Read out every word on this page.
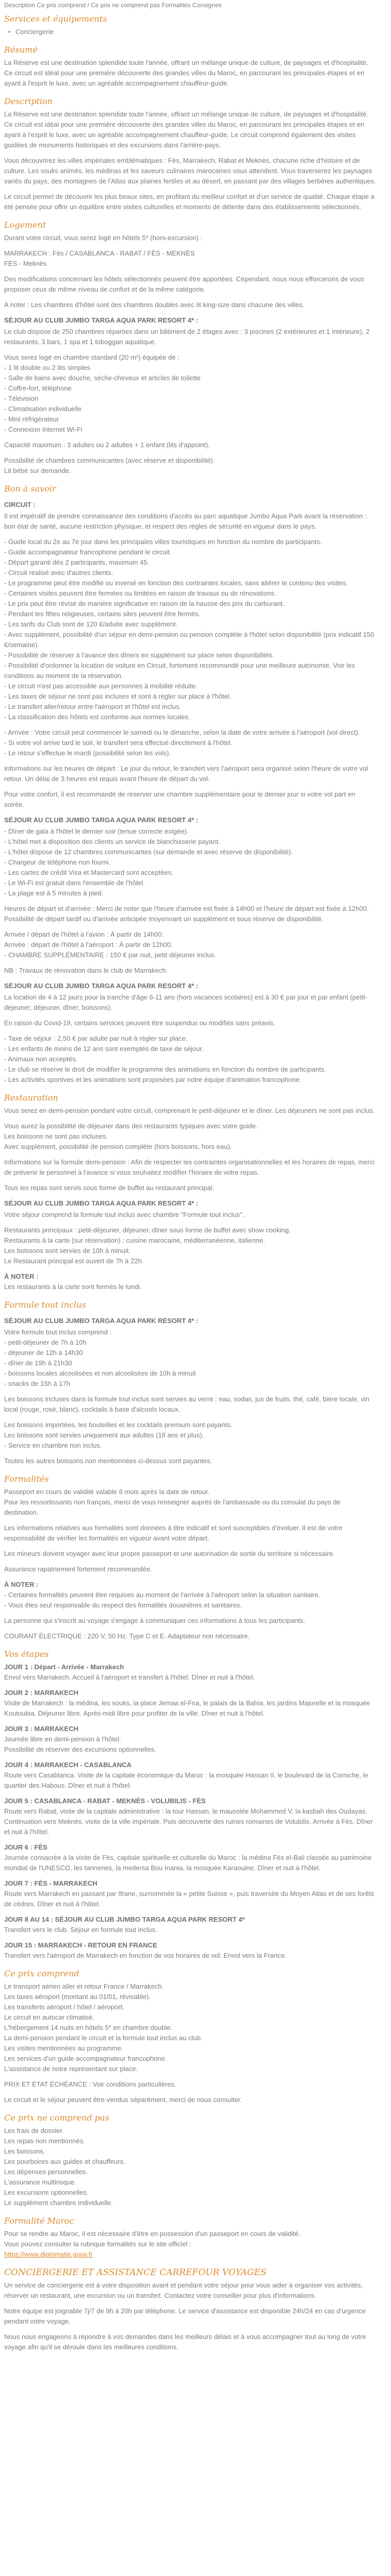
Description Ce prix comprend / Ce prix ne comprend pas Formalités Consignes

Services et équipements
• Conciergerie
Résumé

La Réserve est une destination splendide toute l'année, offrant un mélange unique de culture, de paysages et d'hospitalité. Ce circuit est idéal pour une première découverte des grandes villes du Maroc, en parcourant les principales étapes et en ayant à l'esprit le luxe, avec un agréable accompagnement chauffeur-guide.

Description

La Réserve est une destination splendide toute l'année, offrant un mélange unique de culture, de paysages et d'hospitalité. Ce circuit est idéal pour une première découverte des grandes villes du Maroc, en parcourant les principales étapes et en ayant à l'esprit le luxe, avec un agréable accompagnement chauffeur-guide. Le circuit comprend également des visites guidées de monuments historiques et des excursions dans l'arrière-pays.

Vous découvrirez les villes impériales emblématiques : Fès, Marrakech, Rabat et Meknès, chacune riche d'histoire et de culture. Les souks animés, les médinas et les saveurs culinaires marocaines vous attendent. Vous traverserez les paysages variés du pays, des montagnes de l'Atlas aux plaines fertiles et au désert, en passant par des villages berbères authentiques.

Le circuit permet de découvrir les plus beaux sites, en profitant du meilleur confort et d'un service de qualité. Chaque étape a été pensée pour offrir un équilibre entre visites culturelles et moments de détente dans des établissements sélectionnés.

Logement

Durant votre circuit, vous serez logé en hôtels 5* (hors-excursion) :

MARRAKECH : Fès / CASABLANCA - RABAT / FÈS - MEKNÈS

FÈS - Meknès

Des modifications concernant les hôtels sélectionnés peuvent être apportées. Cependant, nous nous efforcerons de vous proposer ceux de même niveau de confort et de la même catégorie.

A noter : Les chambres d'hôtel sont des chambres doubles avec lit king-size dans chacune des villes.

SÉJOUR AU CLUB JUMBO TARGA AQUA PARK RESORT 4* :

Le club dispose de 250 chambres réparties dans un bâtiment de 2 étages avec : 3 piscines (2 extérieures et 1 intérieure), 2 restaurants, 3 bars, 1 spa et 1 toboggan aquatique.

Vous serez logé en chambre standard (20 m²) équipée de :

- 1 lit double ou 2 lits simples

- Salle de bains avec douche, sèche-cheveux et articles de toilette

- Coffre-fort, téléphone

- Télévision

- Climatisation individuelle

- Mini réfrigérateur

- Connexion Internet Wi-Fi

Capacité maximum : 3 adultes ou 2 adultes + 1 enfant (lits d'appoint).

Possibilité de chambres communicantes (avec réserve et disponibilité).

Lit bébé sur demande.

Bon à savoir
CIRCUIT :

Il est impératif de prendre connaissance des conditions d'accès au parc aquatique Jumbo Aqua Park avant la réservation : bon état de santé, aucune restriction physique, et respect des règles de sécurité en vigueur dans le pays.

- Guide local du 2e au 7e jour dans les principales villes touristiques en fonction du nombre de participants.

- Guide accompagnateur francophone pendant le circuit.

- Départ garanti dès 2 participants, maximum 45.

- Circuit réalisé avec d'autres clients.

- Le programme peut être modifié ou inversé en fonction des contraintes locales, sans altérer le contenu des visites.

- Certaines visites peuvent être fermées ou limitées en raison de travaux ou de rénovations.

- Le prix peut être révisé de manière significative en raison de la hausse des prix du carburant.

- Pendant les fêtes religieuses, certains sites peuvent être fermés.

- Les tarifs du Club sont de 120 €/adulte avec supplément.

- Avec supplément, possibilité d'un séjour en demi-pension ou pension complète à l'hôtel selon disponibilité (prix indicatif 150 €/semaine).

- Possibilité de réserver à l'avance des dîners en supplément sur place selon disponibilités.

- Possibilité d'ordonner la location de voiture en Circuit, fortement recommandé pour une meilleure autonomie. Voir les conditions au moment de la réservation.

- Le circuit n'est pas accessible aux personnes à mobilité réduite.

- Les taxes de séjour ne sont pas incluses et sont à régler sur place à l'hôtel.

- Le transfert aller/retour entre l'aéroport et l'hôtel est inclus.

- La classification des hôtels est conforme aux normes locales.

- Arrivée : Votre circuit peut commencer le samedi ou le dimanche, selon la date de votre arrivée à l'aéroport (vol direct).

- Si votre vol arrive tard le soir, le transfert sera effectué directement à l'hôtel.

- Le retour s'effectue le mardi (possibilité selon les vols).

Informations sur les heures de départ : Le jour du retour, le transfert vers l'aéroport sera organisé selon l'heure de votre vol retour. Un délai de 3 heures est requis avant l'heure de départ du vol.

Pour votre confort, il est recommandé de réserver une chambre supplémentaire pour le dernier jour si votre vol part en soirée.

SÉJOUR AU CLUB JUMBO TARGA AQUA PARK RESORT 4* :

- Dîner de gala à l'hôtel le dernier soir (tenue correcte exigée).

- L'hôtel met à disposition des clients un service de blanchisserie payant.

- L'hôtel dispose de 12 chambres communicantes (sur demande et avec réserve de disponibilité).

- Chargeur de téléphone non fourni.

- Les cartes de crédit Visa et Mastercard sont acceptées.

- Le Wi-Fi est gratuit dans l'ensemble de l'hôtel.

- La plage est à 5 minutes à pied.

Heures de départ et d'arrivée : Merci de noter que l'heure d'arrivée est fixée à 14h00 et l'heure de départ est fixée à 12h00. Possibilité de départ tardif ou d'arrivée anticipée moyennant un supplément et sous réserve de disponibilité.

Arrivée / départ de l'hôtel à l'avion : À partir de 14h00.

Arrivée : départ de l'hôtel à l'aéroport : À partir de 12h00.

- CHAMBRE SUPPLÉMENTAIRE : 150 € par nuit, petit déjeuner inclus.

NB : Travaux de rénovation dans le club de Marrakech.

SÉJOUR AU CLUB JUMBO TARGA AQUA PARK RESORT 4* :

La location de 4 à 12 jours pour la tranche d'âge 6-11 ans (hors vacances scolaires) est à 30 € par jour et par enfant (petit-déjeuner, déjeuner, dîner, boissons).

En raison du Covid-19, certains services peuvent être suspendus ou modifiés sans préavis.

- Taxe de séjour : 2,50 € par adulte par nuit à régler sur place.

- Les enfants de moins de 12 ans sont exemptés de taxe de séjour.

- Animaux non acceptés.

- Le club se réserve le droit de modifier le programme des animations en fonction du nombre de participants.

- Les activités sportives et les animations sont proposées par notre équipe d'animation francophone.

Restauration

Vous serez en demi-pension pendant votre circuit, comprenant le petit-déjeuner et le dîner. Les déjeuners ne sont pas inclus.

Vous aurez la possibilité de déjeuner dans des restaurants typiques avec votre guide.

Les boissons ne sont pas incluses.

Avec supplément, possibilité de pension complète (hors boissons, hors eau).

Informations sur la formule demi-pension : Afin de respecter les contraintes organisationnelles et les horaires de repas, merci de prévenir le personnel à l'avance si vous souhaitez modifier l'horaire de votre repas.

Tous les repas sont servis sous forme de buffet au restaurant principal.

SÉJOUR AU CLUB JUMBO TARGA AQUA PARK RESORT 4* :

Votre séjour comprend la formule tout inclus avec chambre "Formule tout inclus".

Restaurants principaux : petit-déjeuner, déjeuner, dîner sous forme de buffet avec show cooking.

Restaurants à la carte (sur réservation) : cuisine marocaine, méditerranéenne, italienne.

Les boissons sont servies de 10h à minuit.

Le Restaurant principal est ouvert de 7h à 22h.

À NOTER :

Les restaurants à la carte sont fermés le lundi.

Formule tout inclus
SÉJOUR AU CLUB JUMBO TARGA AQUA PARK RESORT 4* :

Votre formule tout inclus comprend :

- petit-déjeuner de 7h à 10h

- déjeuner de 12h à 14h30

- dîner de 19h à 21h30

- boissons locales alcoolisées et non alcoolisées de 10h à minuit

- snacks de 15h à 17h

Les boissons incluses dans la formule tout inclus sont servies au verre : eau, sodas, jus de fruits, thé, café, bière locale, vin local (rouge, rosé, blanc), cocktails à base d'alcools locaux.

Les boissons importées, les bouteilles et les cocktails premium sont payants.

Les boissons sont servies uniquement aux adultes (18 ans et plus).

- Service en chambre non inclus.

Toutes les autres boissons non mentionnées ci-dessus sont payantes.

Formalités

Passeport en cours de validité valable 6 mois après la date de retour.

Pour les ressortissants non français, merci de vous renseigner auprès de l'ambassade ou du consulat du pays de destination.

Les informations relatives aux formalités sont données à titre indicatif et sont susceptibles d'évoluer. Il est de votre responsabilité de vérifier les formalités en vigueur avant votre départ.

Les mineurs doivent voyager avec leur propre passeport et une autorisation de sortie du territoire si nécessaire.

Assurance rapatriement fortement recommandée.

À NOTER :

- Certaines formalités peuvent être requises au moment de l'arrivée à l'aéroport selon la situation sanitaire.

- Vous êtes seul responsable du respect des formalités douanières et sanitaires.

La personne qui s'inscrit au voyage s'engage à communiquer ces informations à tous les participants.

COURANT ÉLECTRIQUE : 220 V, 50 Hz. Type C et E. Adaptateur non nécessaire.

Vos étapes

JOUR 1 : Départ - Arrivée - Marrakech

Envol vers Marrakech. Accueil à l'aéroport et transfert à l'hôtel. Dîner et nuit à l'hôtel.

JOUR 2 : MARRAKECH

Visite de Marrakech : la médina, les souks, la place Jemaa el-Fna, le palais de la Bahia, les jardins Majorelle et la mosquée Koutoubia. Déjeuner libre. Après-midi libre pour profiter de la ville. Dîner et nuit à l'hôtel.

JOUR 3 : MARRAKECH

Journée libre en demi-pension à l'hôtel.

Possibilité de réserver des excursions optionnelles.

JOUR 4 : MARRAKECH - CASABLANCA

Route vers Casablanca. Visite de la capitale économique du Maroc : la mosquée Hassan II, le boulevard de la Corniche, le quartier des Habous. Dîner et nuit à l'hôtel.

JOUR 5 : CASABLANCA - RABAT - MEKNÈS - VOLUBILIS - FÈS

Route vers Rabat, visite de la capitale administrative : la tour Hassan, le mausolée Mohammed V, la kasbah des Oudayas. Continuation vers Meknès, visite de la ville impériale. Puis découverte des ruines romaines de Volubilis. Arrivée à Fès. Dîner et nuit à l'hôtel.

JOUR 6 : FÈS

Journée consacrée à la visite de Fès, capitale spirituelle et culturelle du Maroc : la médina Fès el-Bali classée au patrimoine mondial de l'UNESCO, les tanneries, la medersa Bou Inania, la mosquée Karaouine. Dîner et nuit à l'hôtel.

JOUR 7 : FÈS - MARRAKECH

Route vers Marrakech en passant par Ifrane, surnommée la « petite Suisse », puis traversée du Moyen Atlas et de ses forêts de cèdres. Dîner et nuit à l'hôtel.

JOUR 8 AU 14 : SÉJOUR AU CLUB JUMBO TARGA AQUA PARK RESORT 4*

Transfert vers le club. Séjour en formule tout inclus.

JOUR 15 : MARRAKECH - RETOUR EN FRANCE

Transfert vers l'aéroport de Marrakech en fonction de vos horaires de vol. Envol vers la France.

Ce prix comprend

Le transport aérien aller et retour France / Marrakech.

Les taxes aéroport (montant au 01/01, révisable).

Les transferts aéroport / hôtel / aéroport.

Le circuit en autocar climatisé.

L'hébergement 14 nuits en hôtels 5* en chambre double.

La demi-pension pendant le circuit et la formule tout inclus au club.

Les visites mentionnées au programme.

Les services d'un guide accompagnateur francophone.

L'assistance de notre représentant sur place.

PRIX ET ÉTAT ÉCHÉANCE : Voir conditions particulières.

Le circuit et le séjour peuvent être vendus séparément, merci de nous consulter.

Ce prix ne comprend pas

Les frais de dossier.

Les repas non mentionnés.

Les boissons.

Les pourboires aux guides et chauffeurs.

Les dépenses personnelles.

L'assurance multirisque.

Les excursions optionnelles.

Le supplément chambre individuelle.

Formalité Maroc

Pour se rendre au Maroc, il est nécessaire d'être en possession d'un passeport en cours de validité.

Vous pouvez consulter la rubrique formalités sur le site officiel :

https://www.diplomatie.gouv.fr

CONCIERGERIE ET ASSISTANCE CARREFOUR VOYAGES

Un service de conciergerie est à votre disposition avant et pendant votre séjour pour vous aider à organiser vos activités, réserver un restaurant, une excursion ou un transfert. Contactez votre conseiller pour plus d'informations.

Notre équipe est joignable 7j/7 de 9h à 20h par téléphone. Le service d'assistance est disponible 24h/24 en cas d'urgence pendant votre voyage.

Nous nous engageons à répondre à vos demandes dans les meilleurs délais et à vous accompagner tout au long de votre voyage afin qu'il se déroule dans les meilleures conditions.
